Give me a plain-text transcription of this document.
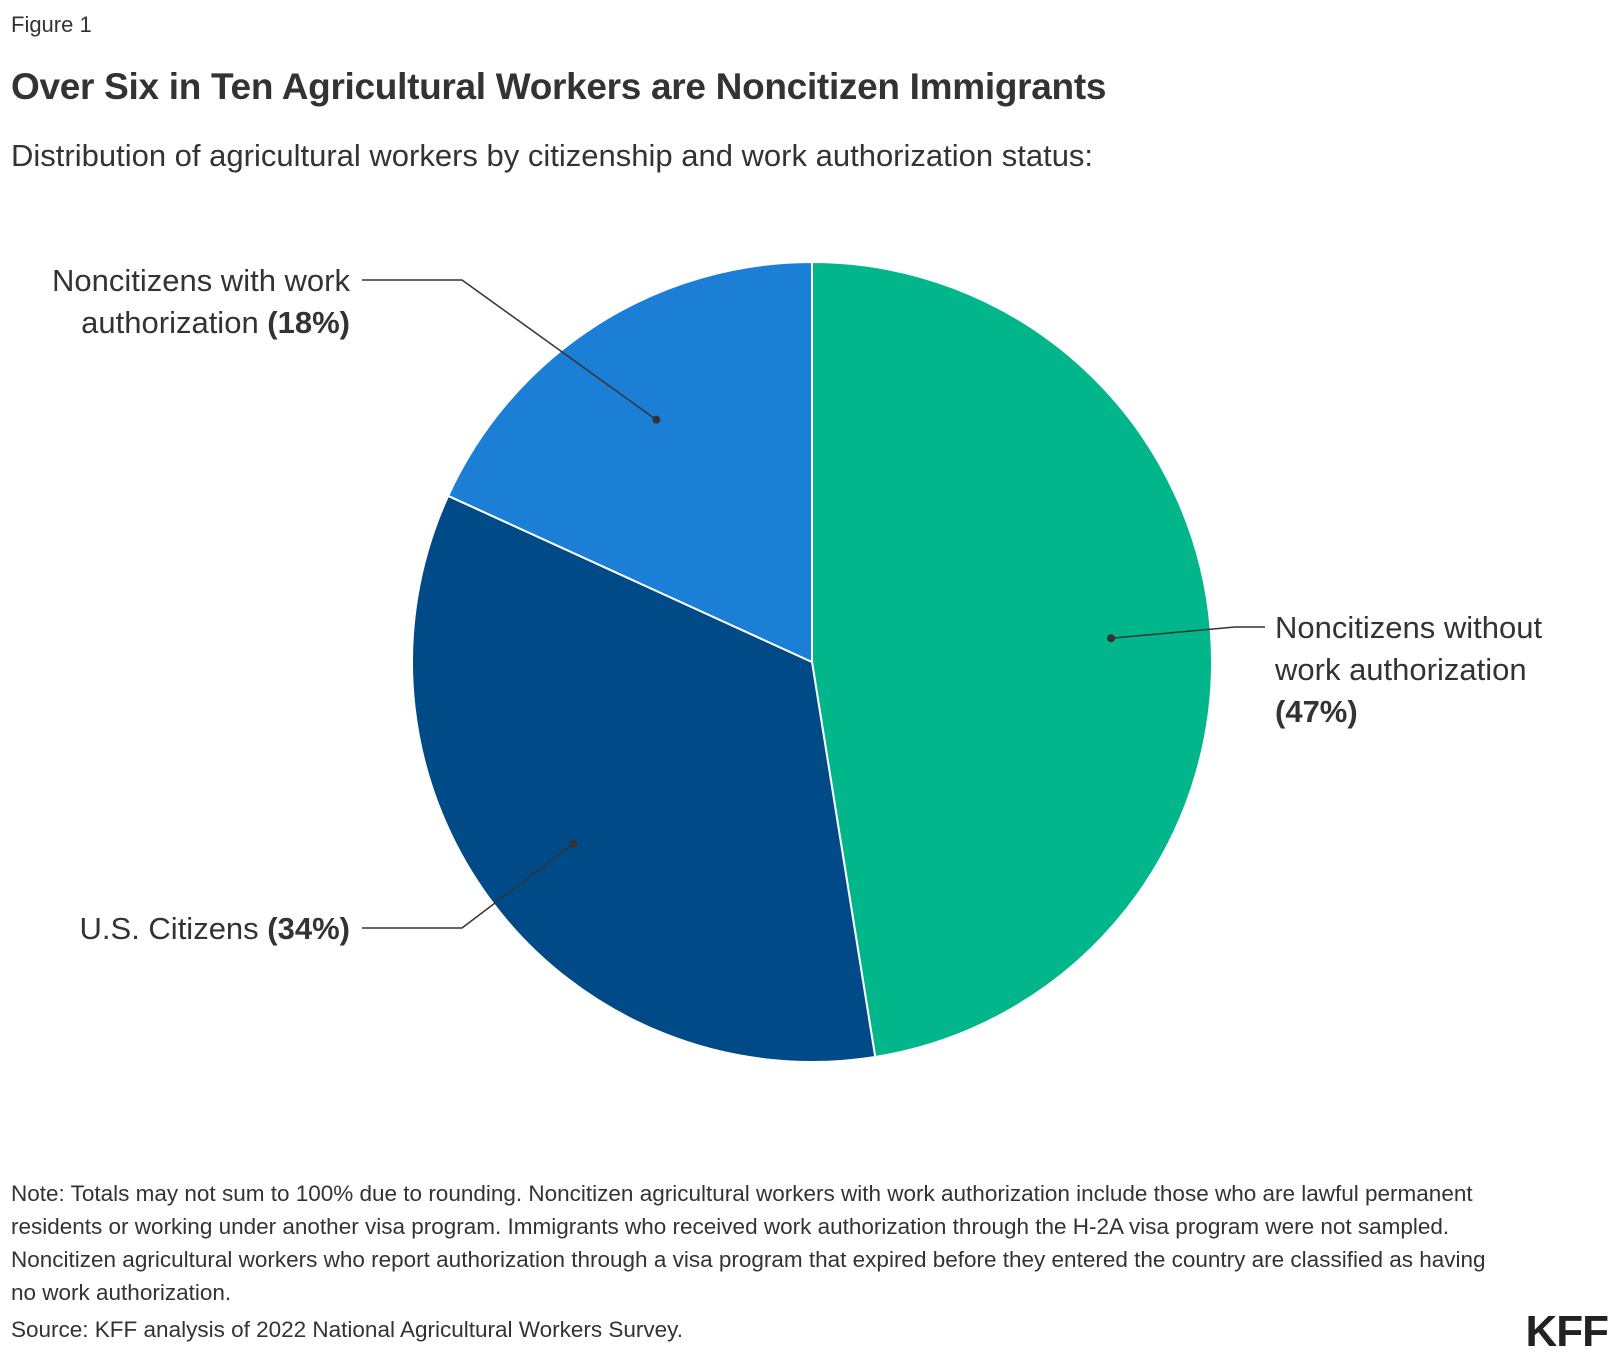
Figure 1
Over Six in Ten Agricultural Workers are Noncitizen Immigrants
Distribution of agricultural workers by citizenship and work authorization status:
Noncitizens without work authorization (47%)
U.S. Citizens (34%)
Noncitizens with work authorization (18%)
Note: Totals may not sum to 100% due to rounding. Noncitizen agricultural workers with work authorization include those who are lawful permanent residents or working under another visa program. Immigrants who received work authorization through the H-2A visa program were not sampled. Noncitizen agricultural workers who report authorization through a visa program that expired before they entered the country are classified as having no work authorization.
Source: KFF analysis of 2022 National Agricultural Workers Survey.	KFF
